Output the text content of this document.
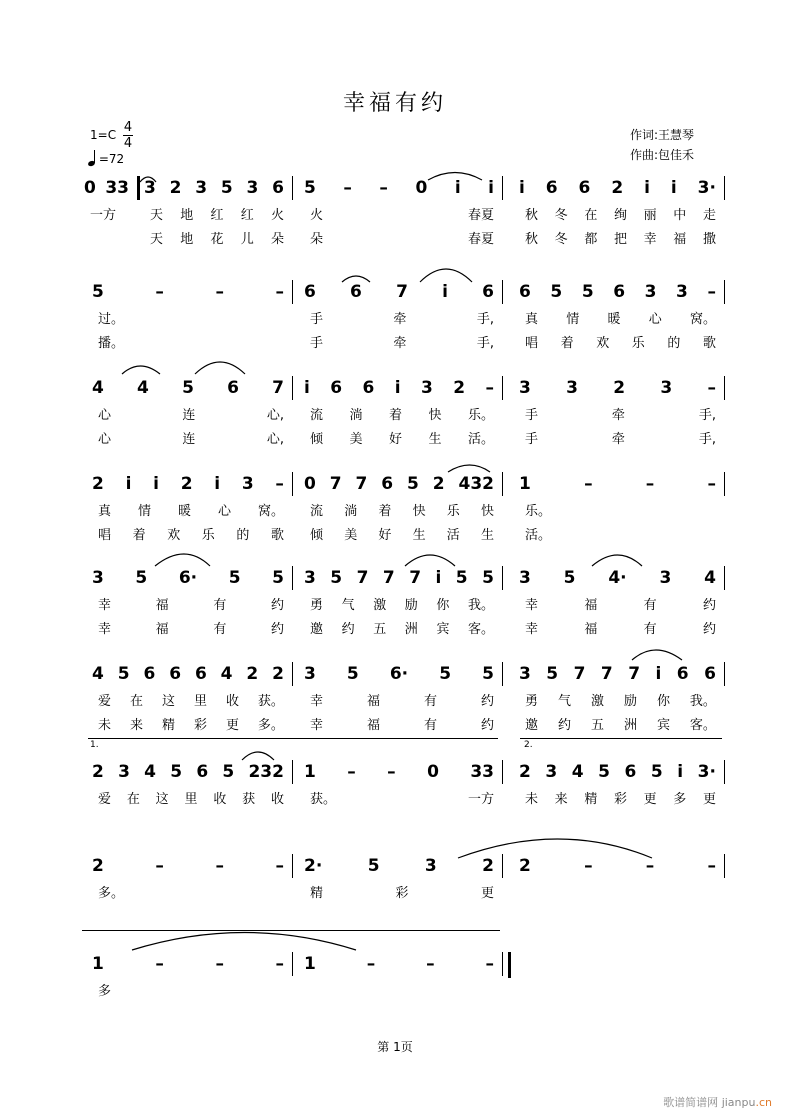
幸福有约
1=C 4
4
=72
作词:王慧琴
作曲:包佳禾
0 33
一方
3 2 3 5 3 6
天 地 红 红 火
天 地 花 儿 朵
5 – – 0 i i
火	春夏
朵	春夏
i 6 6 2 i i 3·
秋 冬 在 绚 丽 中 走
秋 冬 都 把 幸 福 撒
5	–	–	–
过。
播。
6 6 7 i 6
手	牵	手,
手	牵	手,
6 5 5 6 3 3 –
真 情 暖 心 窝。
唱 着 欢 乐 的 歌
4 4 5 6 7
心	连	心,
心	连	心,
i 6 6 i 3 2 –
流 淌 着 快 乐。
倾 美 好 生 活。
3 3 2 3 –
手	牵	手,
手	牵	手,
2 i i 2 i 3 –
真 情 暖 心 窝。
唱 着 欢 乐 的 歌
0 7 7 6 5 2 432
流 淌 着 快 乐 快
倾 美 好 生 活 生
1	–	–	–
乐。
活。
3 5 6· 5 5
幸	福	有	约
幸	福	有	约
3 5 7 7 7 i 5 5
勇 气 激 励 你 我。
邀 约 五 洲 宾 客。
3 5 4· 3 4
幸	福	有	约
幸	福	有	约
4 5 6 6 6 4 2 2
爱 在 这 里 收 获。
未 来 精 彩 更 多。
3 5 6· 5 5
幸	福	有	约
幸	福	有	约
3 5 7 7 7 i 6 6
勇 气 激 励 你 我。
邀 约 五 洲 宾 客。
2 3 4 5 6 5 232
爱 在 这 里 收 获 收
1 – – 0 33
获。	一方
2 3 4 5 6 5 i 3·
未 来 精 彩 更 多 更
2	–	–	–
多。
2·	5	3	2
精	彩	更
2	–	–	–
1	–	–	–
多
1	–	–	–
1.	2.
第 1页
歌谱简谱网 jianpu.cn
